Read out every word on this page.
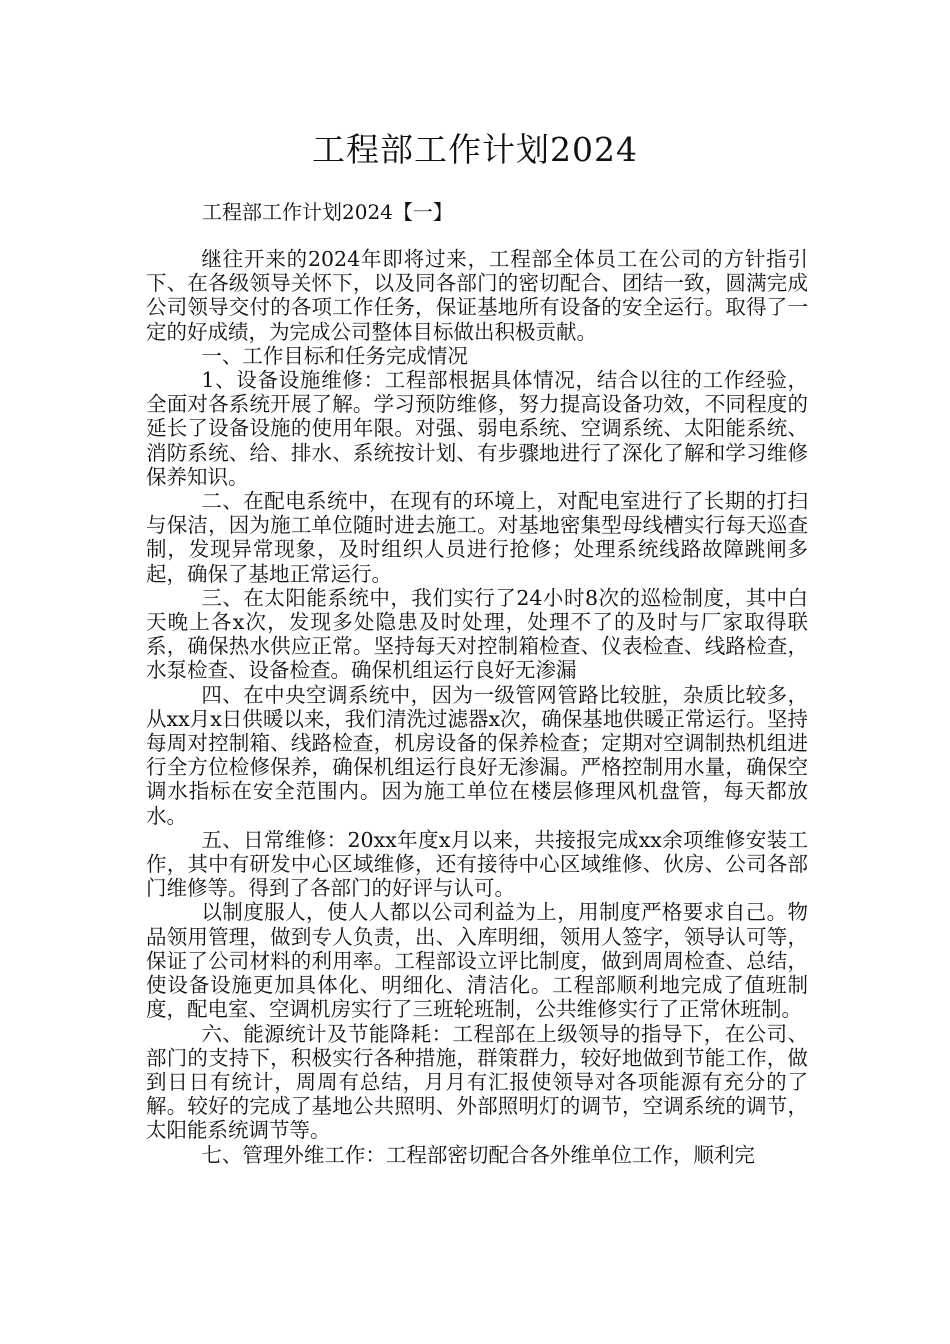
工程部工作计划2024

工程部工作计划2024【一】

继往开来的2024年即将过来，工程部全体员工在公司的方针指引下、在各级领导关怀下，以及同各部门的密切配合、团结一致，圆满完成公司领导交付的各项工作任务，保证基地所有设备的安全运行。取得了一定的好成绩，为完成公司整体目标做出积极贡献。

一、工作目标和任务完成情况

1、设备设施维修：工程部根据具体情况，结合以往的工作经验，全面对各系统开展了解。学习预防维修，努力提高设备功效，不同程度的延长了设备设施的使用年限。对强、弱电系统、空调系统、太阳能系统、消防系统、给、排水、系统按计划、有步骤地进行了深化了解和学习维修保养知识。

二、在配电系统中，在现有的环境上，对配电室进行了长期的打扫与保洁，因为施工单位随时进去施工。对基地密集型母线槽实行每天巡查制，发现异常现象，及时组织人员进行抢修；处理系统线路故障跳闸多起，确保了基地正常运行。

三、在太阳能系统中，我们实行了24小时8次的巡检制度，其中白天晚上各x次，发现多处隐患及时处理，处理不了的及时与厂家取得联系，确保热水供应正常。坚持每天对控制箱检查、仪表检查、线路检查，水泵检查、设备检查。确保机组运行良好无渗漏

四、在中央空调系统中，因为一级管网管路比较脏，杂质比较多，从xx月x日供暖以来，我们清洗过滤器x次，确保基地供暖正常运行。坚持每周对控制箱、线路检查，机房设备的保养检查；定期对空调制热机组进行全方位检修保养，确保机组运行良好无渗漏。严格控制用水量，确保空调水指标在安全范围内。因为施工单位在楼层修理风机盘管，每天都放水。

五、日常维修：20xx年度x月以来，共接报完成xx余项维修安装工作，其中有研发中心区域维修，还有接待中心区域维修、伙房、公司各部门维修等。得到了各部门的好评与认可。

以制度服人，使人人都以公司利益为上，用制度严格要求自己。物品领用管理，做到专人负责，出、入库明细，领用人签字，领导认可等，保证了公司材料的利用率。工程部设立评比制度，做到周周检查、总结，使设备设施更加具体化、明细化、清洁化。工程部顺利地完成了值班制度，配电室、空调机房实行了三班轮班制，公共维修实行了正常休班制。

六、能源统计及节能降耗：工程部在上级领导的指导下，在公司、部门的支持下，积极实行各种措施，群策群力，较好地做到节能工作，做到日日有统计，周周有总结，月月有汇报使领导对各项能源有充分的了解。较好的完成了基地公共照明、外部照明灯的调节，空调系统的调节，太阳能系统调节等。

七、管理外维工作：工程部密切配合各外维单位工作，顺利完
